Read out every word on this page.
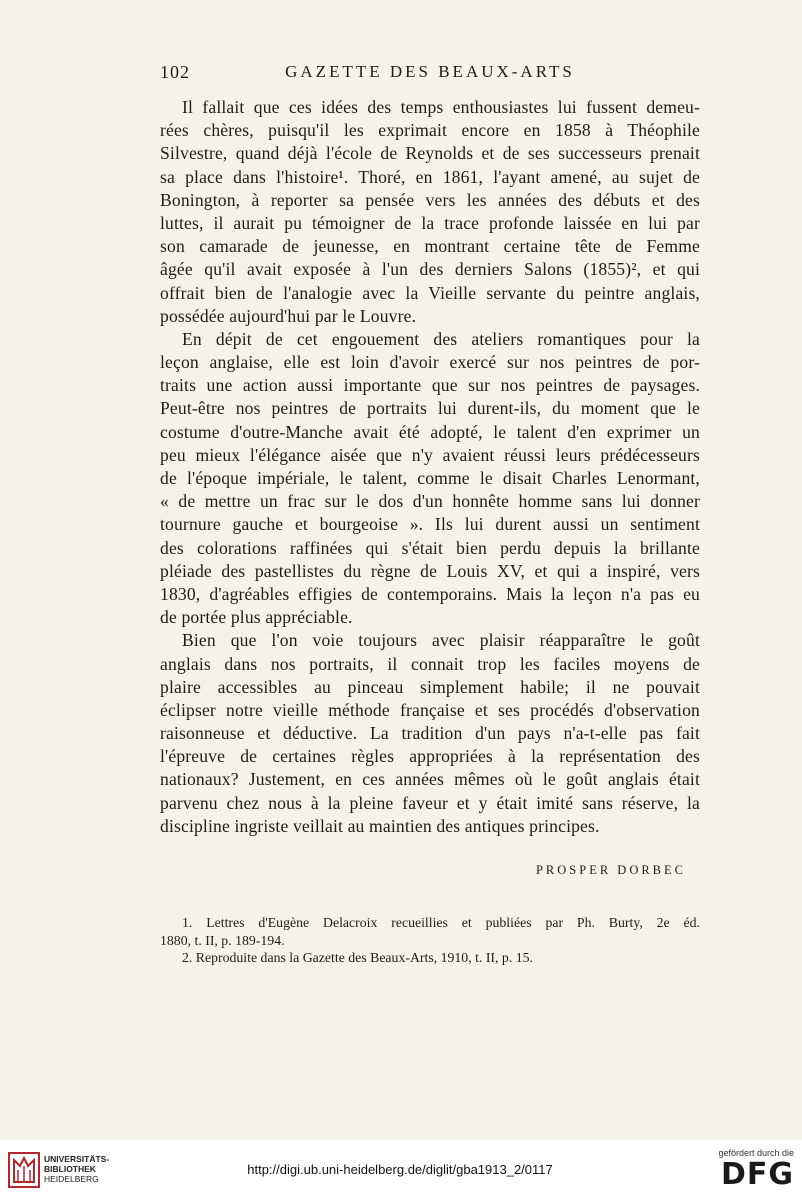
102	GAZETTE DES BEAUX-ARTS
Il fallait que ces idées des temps enthousiastes lui fussent demeu-
rées chères, puisqu'il les exprimait encore en 1858 à Théophile
Silvestre, quand déjà l'école de Reynolds et de ses successeurs prenait
sa place dans l'histoire¹. Thoré, en 1861, l'ayant amené, au sujet de
Bonington, à reporter sa pensée vers les années des débuts et des
luttes, il aurait pu témoigner de la trace profonde laissée en lui par
son camarade de jeunesse, en montrant certaine tête de Femme
âgée qu'il avait exposée à l'un des derniers Salons (1855)², et qui
offrait bien de l'analogie avec la Vieille servante du peintre anglais,
possédée aujourd'hui par le Louvre.
En dépit de cet engouement des ateliers romantiques pour la
leçon anglaise, elle est loin d'avoir exercé sur nos peintres de por-
traits une action aussi importante que sur nos peintres de paysages.
Peut-être nos peintres de portraits lui durent-ils, du moment que le
costume d'outre-Manche avait été adopté, le talent d'en exprimer un
peu mieux l'élégance aisée que n'y avaient réussi leurs prédécesseurs
de l'époque impériale, le talent, comme le disait Charles Lenormant,
« de mettre un frac sur le dos d'un honnête homme sans lui donner
tournure gauche et bourgeoise ». Ils lui durent aussi un sentiment
des colorations raffinées qui s'était bien perdu depuis la brillante
pléiade des pastellistes du règne de Louis XV, et qui a inspiré, vers
1830, d'agréables effigies de contemporains. Mais la leçon n'a pas eu
de portée plus appréciable.
Bien que l'on voie toujours avec plaisir réapparaître le goût
anglais dans nos portraits, il connait trop les faciles moyens de
plaire accessibles au pinceau simplement habile; il ne pouvait
éclipser notre vieille méthode française et ses procédés d'observation
raisonneuse et déductive. La tradition d'un pays n'a-t-elle pas fait
l'épreuve de certaines règles appropriées à la représentation des
nationaux? Justement, en ces années mêmes où le goût anglais était
parvenu chez nous à la pleine faveur et y était imité sans réserve, la
discipline ingriste veillait au maintien des antiques principes.
PROSPER DORBEC
1. Lettres d'Eugène Delacroix recueillies et publiées par Ph. Burty, 2e éd.
1880, t. II, p. 189-194.
2. Reproduite dans la Gazette des Beaux-Arts, 1910, t. II, p. 15.
UNIVERSITÄTS-
BIBLIOTHEK
HEIDELBERG
http://digi.ub.uni-heidelberg.de/diglit/gba1913_2/0117
gefördert durch die
DFG
